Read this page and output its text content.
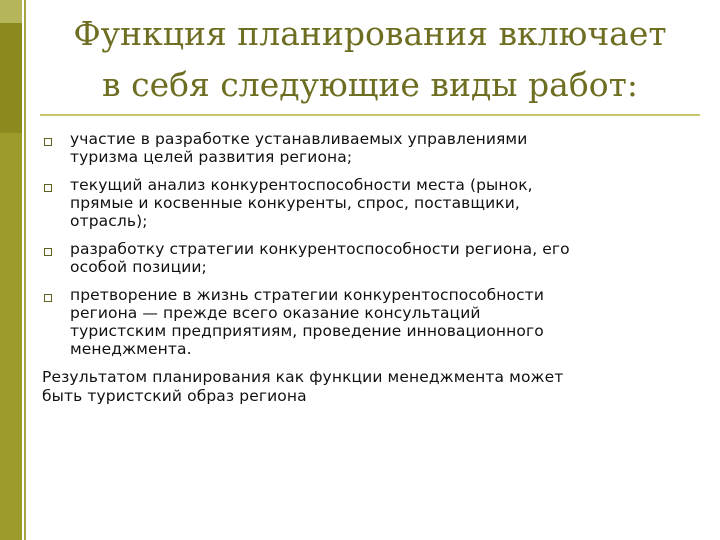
Функция планирования включает
в себя следующие виды работ:
участие в разработке устанавливаемых управлениями
туризма целей развития региона;
текущий анализ конкурентоспособности места (рынок,
прямые и косвенные конкуренты, спрос, поставщики,
отрасль);
разработку стратегии конкурентоспособности региона, его
особой позиции;
претворение в жизнь стратегии конкурентоспособности
региона — прежде всего оказание консультаций
туристским предприятиям, проведение инновационного
менеджмента.
Результатом планирования как функции менеджмента может
быть туристский образ региона
